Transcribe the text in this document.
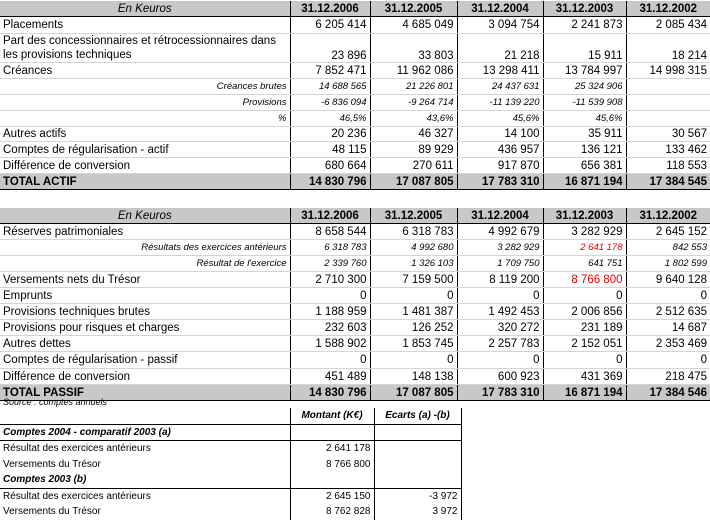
En Keuros	31.12.2006	31.12.2005	31.12.2004	31.12.2003	31.12.2002
Placements	6 205 414	4 685 049	3 094 754	2 241 873	2 085 434
Part des concessionnaires et rétrocessionnaires dans les provisions techniques	23 896	33 803	21 218	15 911	18 214
Créances	7 852 471	11 962 086	13 298 411	13 784 997	14 998 315
Créances brutes	14 688 565	21 226 801	24 437 631	25 324 906	
Provisions	-6 836 094	-9 264 714	-11 139 220	-11 539 908	
%	46,5%	43,6%	45,6%	45,6%	
Autres actifs	20 236	46 327	14 100	35 911	30 567
Comptes de régularisation - actif	48 115	89 929	436 957	136 121	133 462
Différence de conversion	680 664	270 611	917 870	656 381	118 553
TOTAL ACTIF	14 830 796	17 087 805	17 783 310	16 871 194	17 384 545
En Keuros	31.12.2006	31.12.2005	31.12.2004	31.12.2003	31.12.2002
Réserves patrimoniales	8 658 544	6 318 783	4 992 679	3 282 929	2 645 152
Résultats des exercices antérieurs	6 318 783	4 992 680	3 282 929	2 641 178	842 553
Résultat de l'exercice	2 339 760	1 326 103	1 709 750	641 751	1 802 599
Versements nets du Trésor	2 710 300	7 159 500	8 119 200	8 766 800	9 640 128
Emprunts	0	0	0	0	0
Provisions techniques brutes	1 188 959	1 481 387	1 492 453	2 006 856	2 512 635
Provisions pour risques et charges	232 603	126 252	320 272	231 189	14 687
Autres dettes	1 588 902	1 853 745	2 257 783	2 152 051	2 353 469
Comptes de régularisation - passif	0	0	0	0	0
Différence de conversion	451 489	148 138	600 923	431 369	218 475
TOTAL PASSIF	14 830 796	17 087 805	17 783 310	16 871 194	17 384 546
Source : comptes annuels
	Montant (K€)	Ecarts (a) -(b)
Comptes 2004 - comparatif 2003 (a)		
Résultat des exercices antérieurs	2 641 178	
Versements du Trésor	8 766 800	
Comptes 2003 (b)		
Résultat des exercices antérieurs	2 645 150	-3 972
Versements du Trésor	8 762 828	3 972
